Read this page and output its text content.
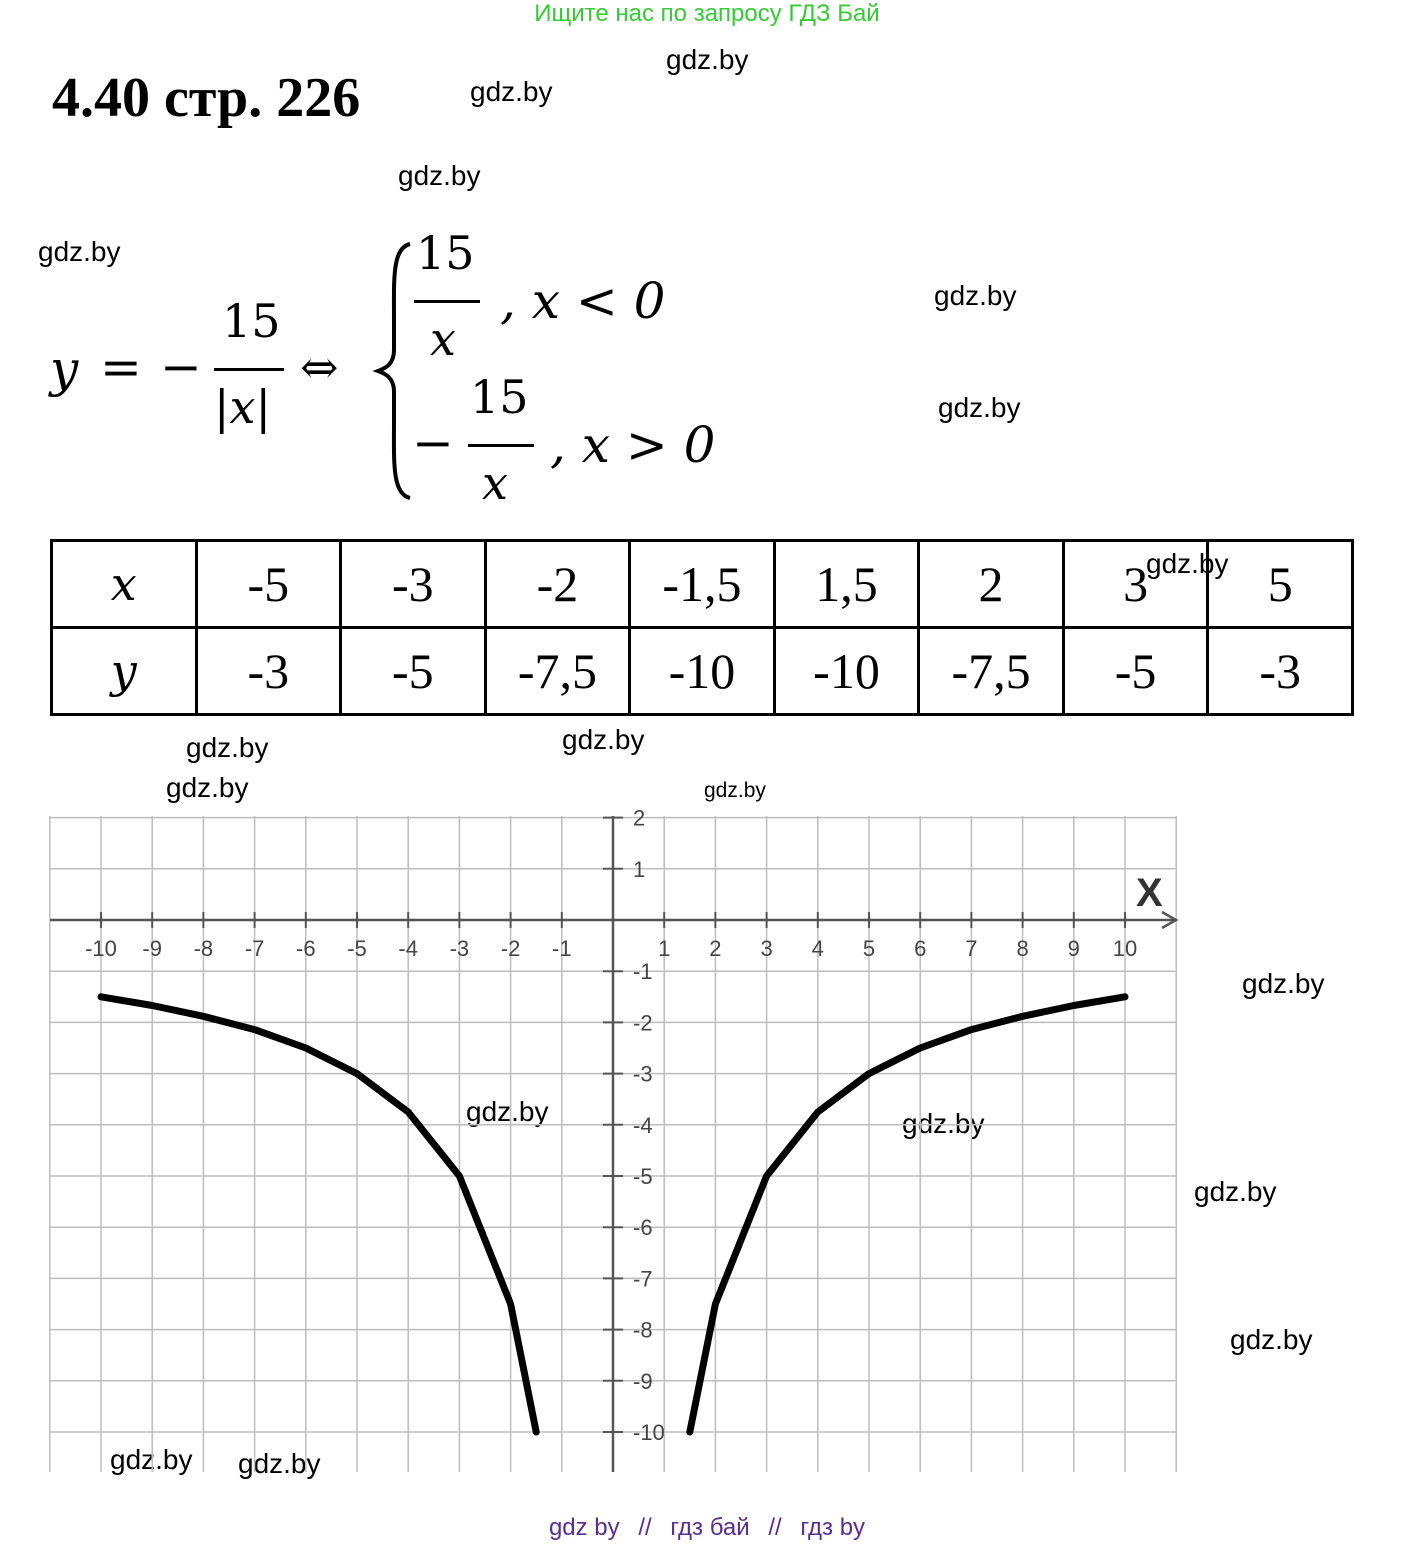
Ищите нас по запросу ГДЗ Бай
4.40 стр. 226
gdz.by
gdz.by
gdz.by
gdz.by
gdz.by
gdz.by
gdz.by
gdz.by	gdz.by
gdz.by	gdz.by
gdz.by
gdz.by	gdz.by
gdz.by
gdz.by
gdz.by gdz.by
y = −
15
|x|
⇔
15
x
, x < 0
−
15
x
, x > 0
x	-5	-3	-2	-1,5	1,5	2	3	5
y	-3	-5	-7,5	-10	-10	-7,5	-5	-3
-10 -9 -8 -7 -6 -5 -4 -3 -2 -1	1 2 3 4 5 6 7 8 9 10
2
1
-1
-2
-3
-4
-5
-6
-7
-8
-9
-10
X
gdz by // гдз бай // гдз by
